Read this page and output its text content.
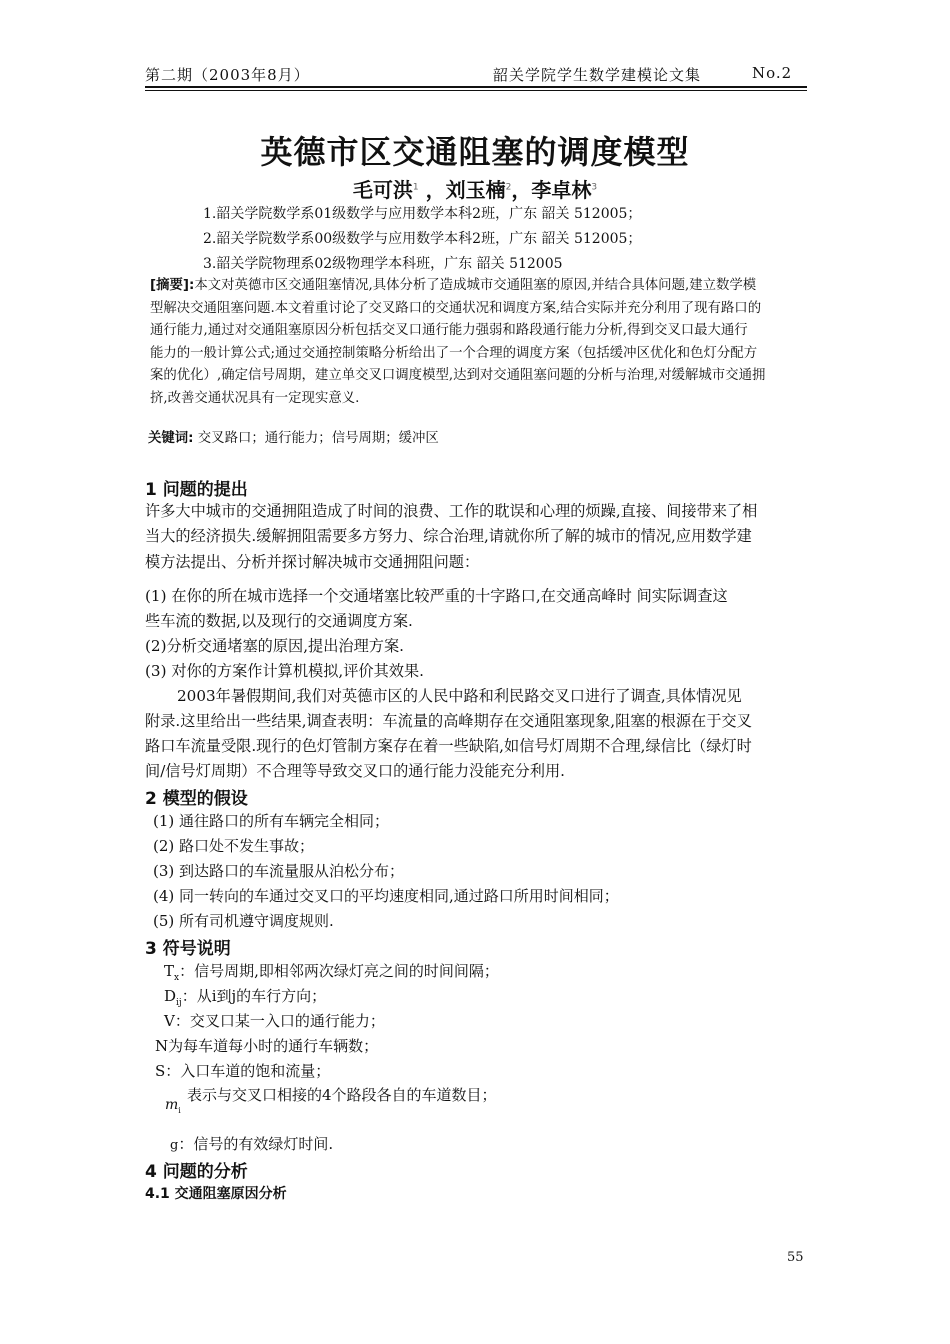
第二期（2003年8月）	韶关学院学生数学建模论文集	No.2
英德市区交通阻塞的调度模型
毛可洪$^1$ ，刘玉楠$^2$，李卓林$^3$
1.韶关学院数学系01级数学与应用数学本科2班，广东 韶关 512005；
2.韶关学院数学系00级数学与应用数学本科2班，广东 韶关 512005；
3.韶关学院物理系02级物理学本科班，广东 韶关 512005
[摘要]:本文对英德市区交通阻塞情况,具体分析了造成城市交通阻塞的原因,并结合具体问题,建立数学模
型解决交通阻塞问题.本文着重讨论了交叉路口的交通状况和调度方案,结合实际并充分利用了现有路口的
通行能力,通过对交通阻塞原因分析包括交叉口通行能力强弱和路段通行能力分析,得到交叉口最大通行
能力的一般计算公式;通过交通控制策略分析给出了一个合理的调度方案（包括缓冲区优化和色灯分配方
案的优化）,确定信号周期，建立单交叉口调度模型,达到对交通阻塞问题的分析与治理,对缓解城市交通拥
挤,改善交通状况具有一定现实意义.
关键词: 交叉路口；通行能力；信号周期；缓冲区
1 问题的提出
许多大中城市的交通拥阻造成了时间的浪费、工作的耽误和心理的烦躁,直接、间接带来了相
当大的经济损失.缓解拥阻需要多方努力、综合治理,请就你所了解的城市的情况,应用数学建
模方法提出、分析并探讨解决城市交通拥阻问题：
(1) 在你的所在城市选择一个交通堵塞比较严重的十字路口,在交通高峰时 间实际调查这
些车流的数据,以及现行的交通调度方案.
(2)分析交通堵塞的原因,提出治理方案.
(3) 对你的方案作计算机模拟,评价其效果.
2003年暑假期间,我们对英德市区的人民中路和利民路交叉口进行了调查,具体情况见
附录.这里给出一些结果,调查表明：车流量的高峰期存在交通阻塞现象,阻塞的根源在于交叉
路口车流量受限.现行的色灯管制方案存在着一些缺陷,如信号灯周期不合理,绿信比（绿灯时
间/信号灯周期）不合理等导致交叉口的通行能力没能充分利用.
2 模型的假设
(1) 通往路口的所有车辆完全相同；
(2) 路口处不发生事故；
(3) 到达路口的车流量服从泊松分布；
(4) 同一转向的车通过交叉口的平均速度相同,通过路口所用时间相同；
(5) 所有司机遵守调度规则.
3 符号说明
$T_x$：信号周期,即相邻两次绿灯亮之间的时间间隔；
$D_{ij}$：从i到j的车行方向；
V：交叉口某一入口的通行能力；
N为每车道每小时的通行车辆数；
S：入口车道的饱和流量；
$m_i$
表示与交叉口相接的4个路段各自的车道数目；
g：信号的有效绿灯时间.
4 问题的分析
4.1 交通阻塞原因分析
55
